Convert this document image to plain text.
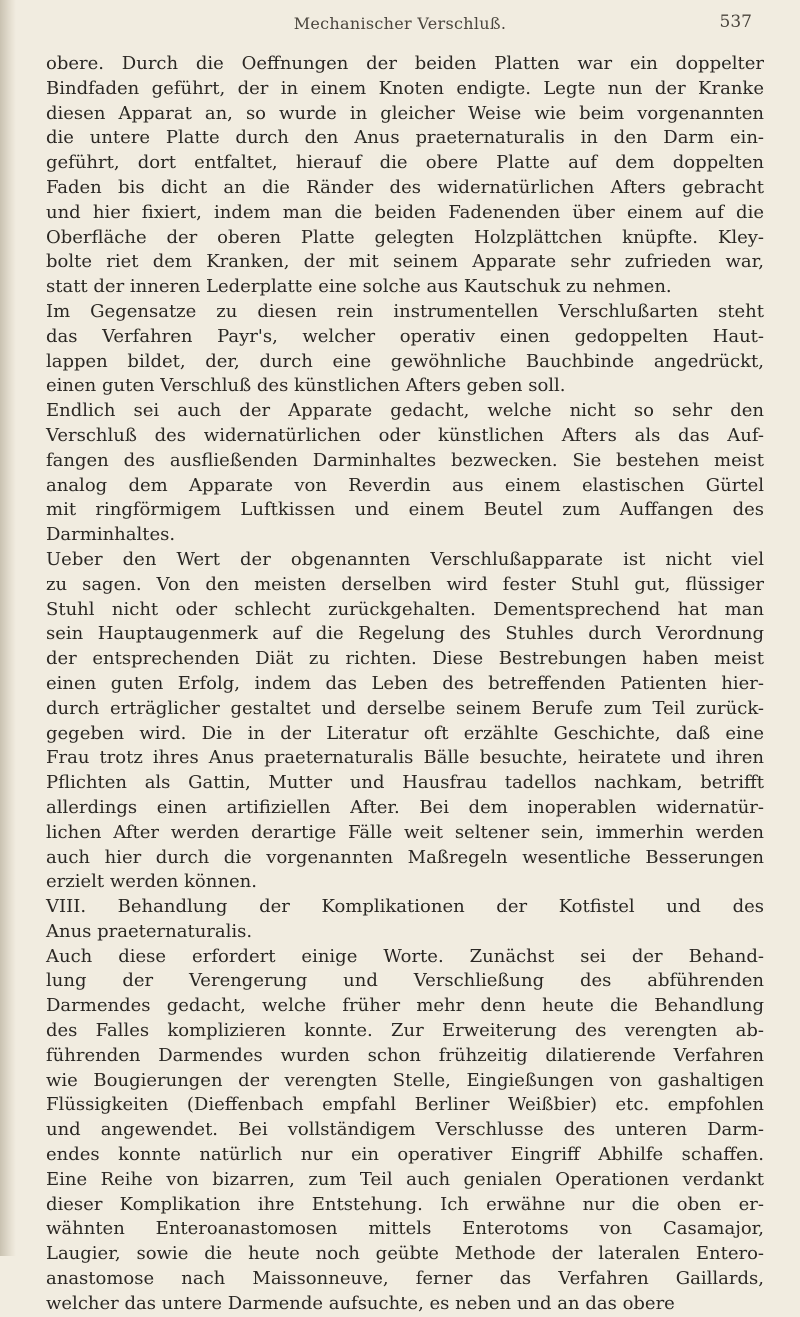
Mechanischer Verschluß.	537

obere. Durch die Oeffnungen der beiden Platten war ein doppelter
Bindfaden geführt, der in einem Knoten endigte. Legte nun der Kranke
diesen Apparat an, so wurde in gleicher Weise wie beim vorgenannten
die untere Platte durch den Anus praeternaturalis in den Darm ein-
geführt, dort entfaltet, hierauf die obere Platte auf dem doppelten
Faden bis dicht an die Ränder des widernatürlichen Afters gebracht
und hier fixiert, indem man die beiden Fadenenden über einem auf die
Oberfläche der oberen Platte gelegten Holzplättchen knüpfte. Kley-
bolte riet dem Kranken, der mit seinem Apparate sehr zufrieden war,
statt der inneren Lederplatte eine solche aus Kautschuk zu nehmen.

Im Gegensatze zu diesen rein instrumentellen Verschlußarten steht
das Verfahren Payr's, welcher operativ einen gedoppelten Haut-
lappen bildet, der, durch eine gewöhnliche Bauchbinde angedrückt,
einen guten Verschluß des künstlichen Afters geben soll.

Endlich sei auch der Apparate gedacht, welche nicht so sehr den
Verschluß des widernatürlichen oder künstlichen Afters als das Auf-
fangen des ausfließenden Darminhaltes bezwecken. Sie bestehen meist
analog dem Apparate von Reverdin aus einem elastischen Gürtel
mit ringförmigem Luftkissen und einem Beutel zum Auffangen des
Darminhaltes.

Ueber den Wert der obgenannten Verschlußapparate ist nicht viel
zu sagen. Von den meisten derselben wird fester Stuhl gut, flüssiger
Stuhl nicht oder schlecht zurückgehalten. Dementsprechend hat man
sein Hauptaugenmerk auf die Regelung des Stuhles durch Verordnung
der entsprechenden Diät zu richten. Diese Bestrebungen haben meist
einen guten Erfolg, indem das Leben des betreffenden Patienten hier-
durch erträglicher gestaltet und derselbe seinem Berufe zum Teil zurück-
gegeben wird. Die in der Literatur oft erzählte Geschichte, daß eine
Frau trotz ihres Anus praeternaturalis Bälle besuchte, heiratete und ihren
Pflichten als Gattin, Mutter und Hausfrau tadellos nachkam, betrifft
allerdings einen artifiziellen After. Bei dem inoperablen widernatür-
lichen After werden derartige Fälle weit seltener sein, immerhin werden
auch hier durch die vorgenannten Maßregeln wesentliche Besserungen
erzielt werden können.

VIII. Behandlung der Komplikationen der Kotfistel und des
Anus praeternaturalis.

Auch diese erfordert einige Worte. Zunächst sei der Behand-
lung der Verengerung und Verschließung des abführenden
Darmendes gedacht, welche früher mehr denn heute die Behandlung
des Falles komplizieren konnte. Zur Erweiterung des verengten ab-
führenden Darmendes wurden schon frühzeitig dilatierende Verfahren
wie Bougierungen der verengten Stelle, Eingießungen von gashaltigen
Flüssigkeiten (Dieffenbach empfahl Berliner Weißbier) etc. empfohlen
und angewendet. Bei vollständigem Verschlusse des unteren Darm-
endes konnte natürlich nur ein operativer Eingriff Abhilfe schaffen.
Eine Reihe von bizarren, zum Teil auch genialen Operationen verdankt
dieser Komplikation ihre Entstehung. Ich erwähne nur die oben er-
wähnten Enteroanastomosen mittels Enterotoms von Casamajor,
Laugier, sowie die heute noch geübte Methode der lateralen Entero-
anastomose nach Maissonneuve, ferner das Verfahren Gaillards,
welcher das untere Darmende aufsuchte, es neben und an das obere
